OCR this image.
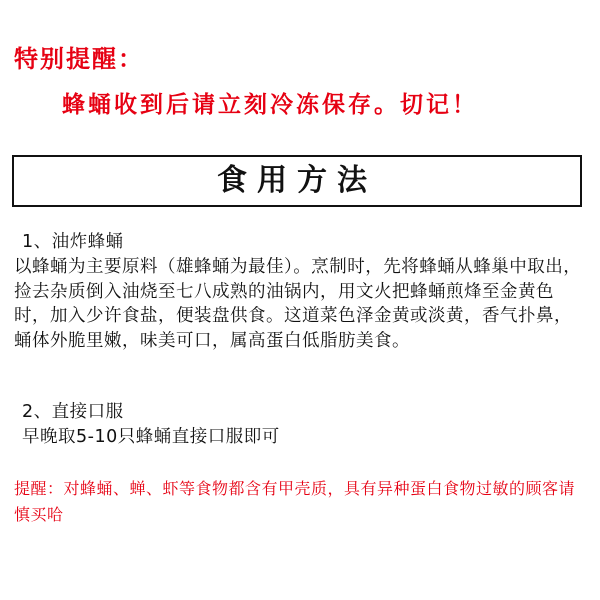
特别提醒：
蜂蛹收到后请立刻冷冻保存。切记！
食用方法
1、油炸蜂蛹
以蜂蛹为主要原料（雄蜂蛹为最佳）。烹制时，先将蜂蛹从蜂巢中取出，捡去杂质倒入油烧至七八成熟的油锅内，用文火把蜂蛹煎烽至金黄色时，加入少许食盐，便装盘供食。这道菜色泽金黄或淡黄，香气扑鼻，蛹体外脆里嫩，味美可口，属高蛋白低脂肪美食。
2、直接口服
早晚取5-10只蜂蛹直接口服即可
提醒：对蜂蛹、蝉、虾等食物都含有甲壳质，具有异种蛋白食物过敏的顾客请慎买哈
